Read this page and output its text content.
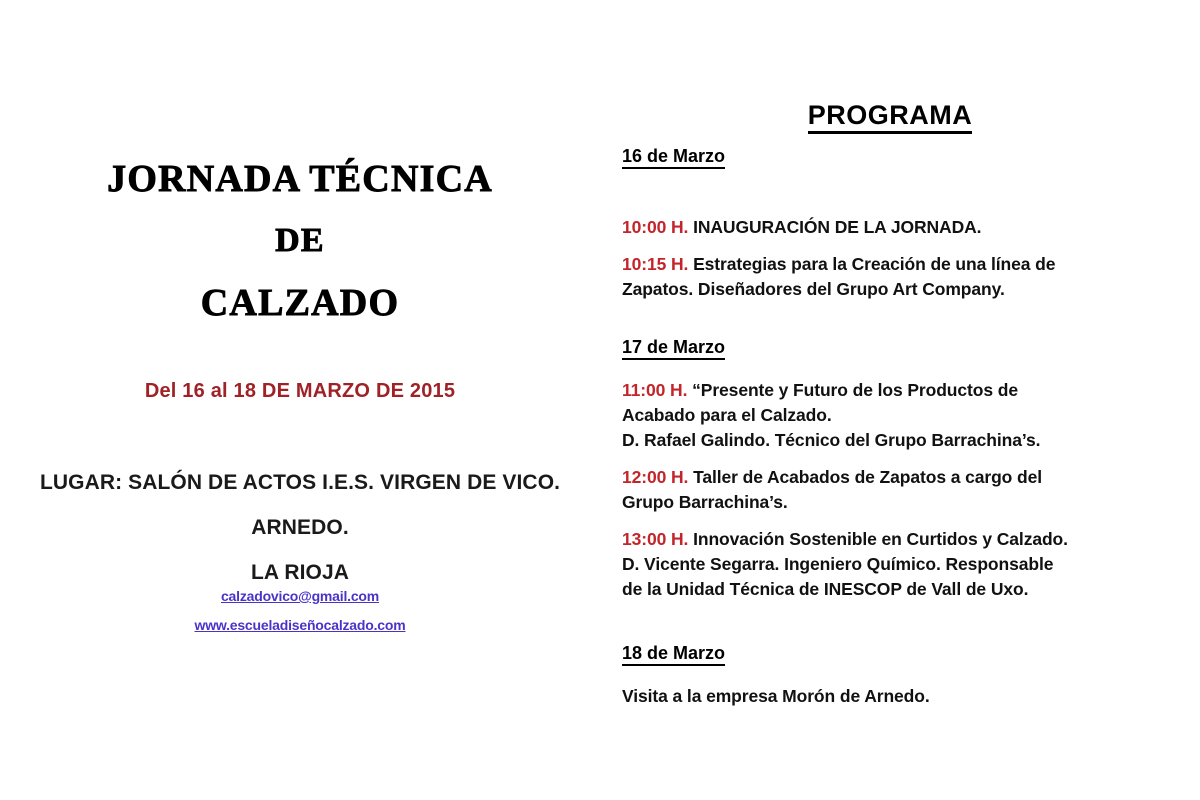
JORNADA TÉCNICA
DE
CALZADO
Del 16 al 18 DE MARZO DE 2015
LUGAR: SALÓN DE ACTOS I.E.S. VIRGEN DE VICO.
ARNEDO.
LA RIOJA
calzadovico@gmail.com
www.escueladiseñocalzado.com
PROGRAMA
16 de Marzo
10:00 H. INAUGURACIÓN DE LA JORNADA.
10:15 H. Estrategias para la Creación de una línea de
Zapatos. Diseñadores del Grupo Art Company.
17 de Marzo
11:00 H. “Presente y Futuro de los Productos de
Acabado para el Calzado.
D. Rafael Galindo. Técnico del Grupo Barrachina’s.
12:00 H. Taller de Acabados de Zapatos a cargo del
Grupo Barrachina’s.
13:00 H. Innovación Sostenible en Curtidos y Calzado.
D. Vicente Segarra. Ingeniero Químico. Responsable
de la Unidad Técnica de INESCOP de Vall de Uxo.
18 de Marzo
Visita a la empresa Morón de Arnedo.
